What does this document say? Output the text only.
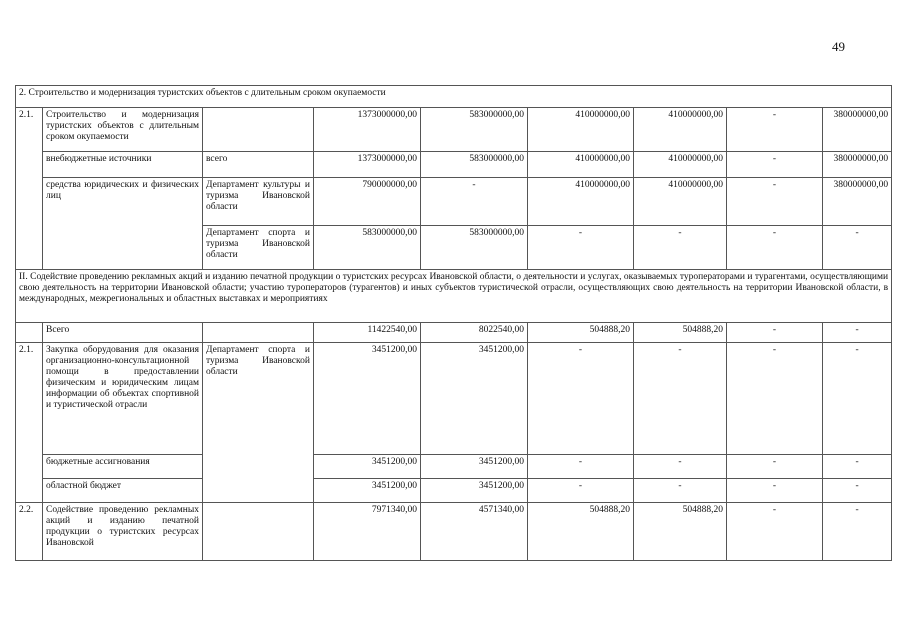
49
2. Строительство и модернизация туристских объектов с длительным сроком окупаемости								
2.1.	Строительство и модернизация туристских объектов с длительным сроком окупаемости		1373000000,00	583000000,00	410000000,00	410000000,00	-	380000000,00
	внебюджетные источники	всего	1373000000,00	583000000,00	410000000,00	410000000,00	-	380000000,00
	средства юридических и физических лиц	Департамент культуры и туризма Ивановской области	790000000,00	-	410000000,00	410000000,00	-	380000000,00
		Департамент спорта и туризма Ивановской области	583000000,00	583000000,00	-	-	-	-
II. Содействие проведению рекламных акций и изданию печатной продукции о туристских ресурсах Ивановской области, о деятельности и услугах, оказываемых туроператорами и турагентами, осуществляющими свою деятельность на территории Ивановской области; участию туроператоров (турагентов) и иных субъектов туристической отрасли, осуществляющих свою деятельность на территории Ивановской области, в международных, межрегиональных и областных выставках и мероприятиях								
	Всего		11422540,00	8022540,00	504888,20	504888,20	-	-
2.1.	Закупка оборудования для оказания организационно-консультационной помощи в предоставлении физическим и юридическим лицам информации об объектах спортивной и туристической отрасли	Департамент спорта и туризма Ивановской области	3451200,00	3451200,00	-	-	-	-
	бюджетные ассигнования		3451200,00	3451200,00	-	-	-	-
	областной бюджет		3451200,00	3451200,00	-	-	-	-
2.2.	Содействие проведению рекламных акций и изданию печатной продукции о туристских ресурсах Ивановской		7971340,00	4571340,00	504888,20	504888,20	-	-
